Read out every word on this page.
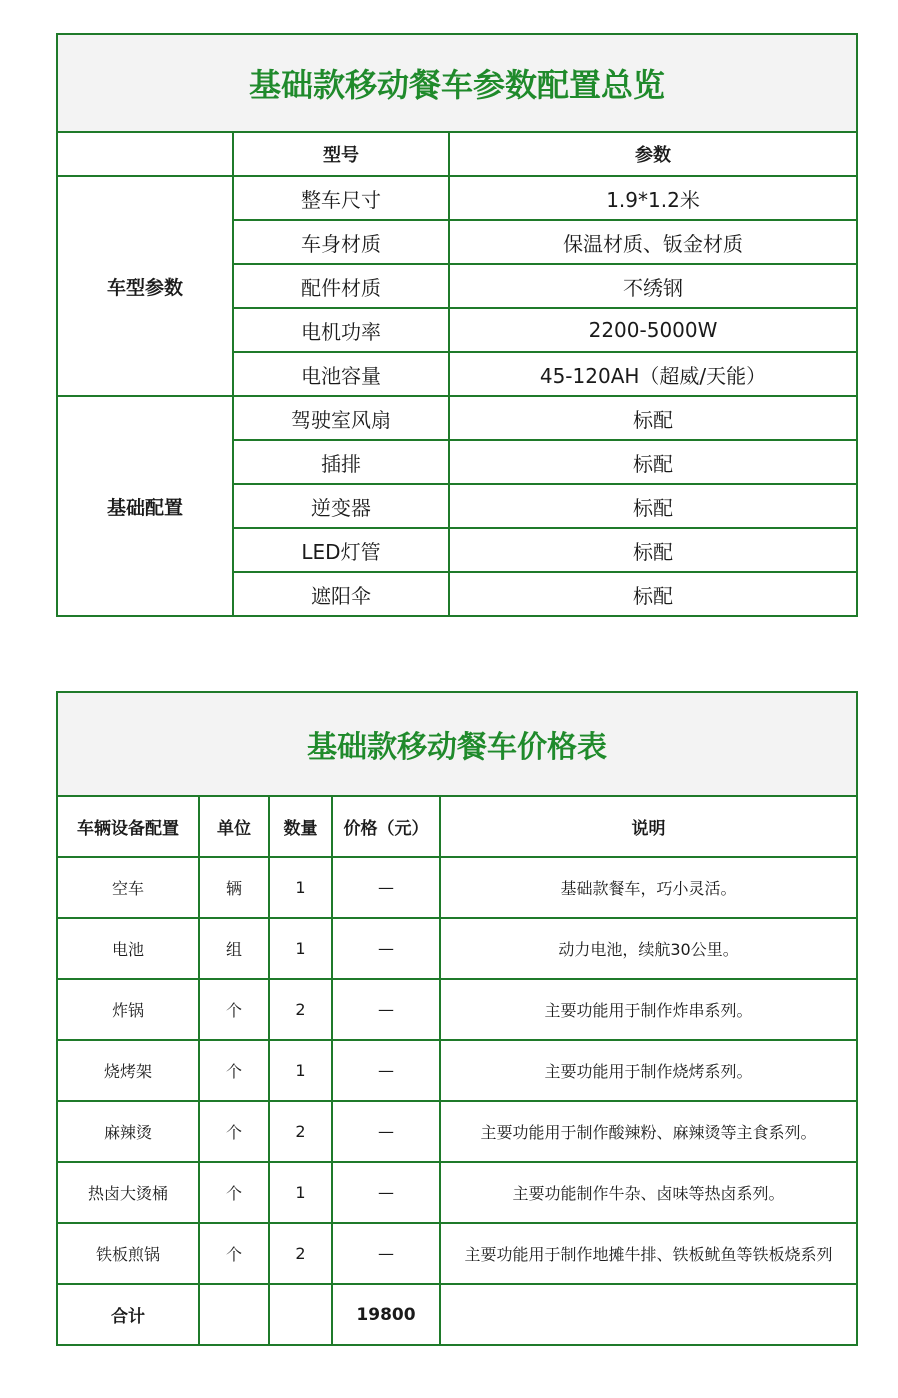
基础款移动餐车参数配置总览		
	型号	参数
车型参数	整车尺寸	1.9*1.2米
	车身材质	保温材质、钣金材质
	配件材质	不绣钢
	电机功率	2200-5000W
	电池容量	45-120AH（超威/天能）
基础配置	驾驶室风扇	标配
	插排	标配
	逆变器	标配
	LED灯管	标配
	遮阳伞	标配
基础款移动餐车价格表				
车辆设备配置	单位	数量	价格（元）	说明
空车	辆	1	—	基础款餐车，巧小灵活。
电池	组	1	—	动力电池，续航30公里。
炸锅	个	2	—	主要功能用于制作炸串系列。
烧烤架	个	1	—	主要功能用于制作烧烤系列。
麻辣烫	个	2	—	主要功能用于制作酸辣粉、麻辣烫等主食系列。
热卤大烫桶	个	1	—	主要功能制作牛杂、卤味等热卤系列。
铁板煎锅	个	2	—	主要功能用于制作地摊牛排、铁板鱿鱼等铁板烧系列
合计			19800	
